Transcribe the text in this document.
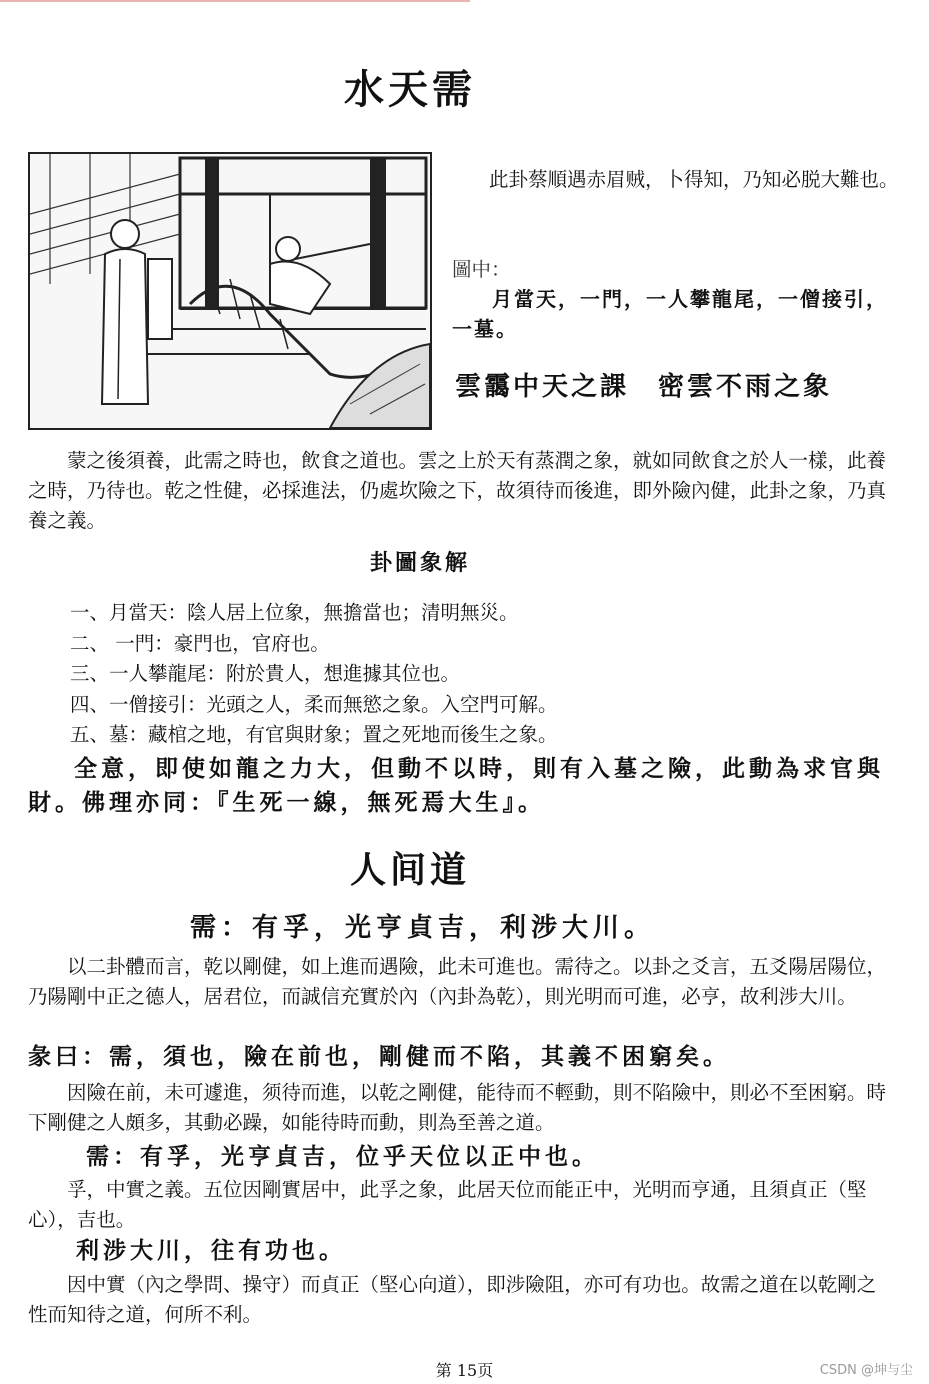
水天需
此卦蔡順遇赤眉贼，卜得知，乃知必脱大難也。
圖中：
月當天，一門，一人攀龍尾，一僧接引，一墓。
雲靄中天之課　密雲不雨之象
蒙之後須養，此需之時也，飲食之道也。雲之上於天有蒸潤之象，就如同飲食之於人一樣，此養之時，乃待也。乾之性健，必採進法，仍處坎險之下，故須待而後進，即外險內健，此卦之象，乃真養之義。
卦圖象解
一、月當天：陰人居上位象，無擔當也；清明無災。
二、 一門：豪門也，官府也。
三、一人攀龍尾：附於貴人，想進據其位也。
四、一僧接引：光頭之人，柔而無慾之象。入空門可解。
五、墓：藏棺之地，有官與財象；置之死地而後生之象。
全意，即使如龍之力大，但動不以時，則有入墓之險，此動為求官與財。佛理亦同：『生死一線，無死焉大生』。
人间道
需：有孚，光亨貞吉，利涉大川。
以二卦體而言，乾以剛健，如上進而遇險，此未可進也。需待之。以卦之爻言，五爻陽居陽位，乃陽剛中正之德人，居君位，而誠信充實於內（內卦為乾），則光明而可進，必亨，故利涉大川。
彖曰：需，須也，險在前也，剛健而不陷，其義不困窮矣。
因險在前，未可遽進，须待而進，以乾之剛健，能待而不輕動，則不陷險中，則必不至困窮。時下剛健之人頗多，其動必躁，如能待時而動，則為至善之道。
需：有孚，光亨貞吉，位乎天位以正中也。
孚，中實之義。五位因剛實居中，此孚之象，此居天位而能正中，光明而亨通，且須貞正（堅心），吉也。
利涉大川，往有功也。
因中實（內之學問、操守）而貞正（堅心向道），即涉險阻，亦可有功也。故需之道在以乾剛之性而知待之道，何所不利。
第 15页	CSDN @坤与尘
